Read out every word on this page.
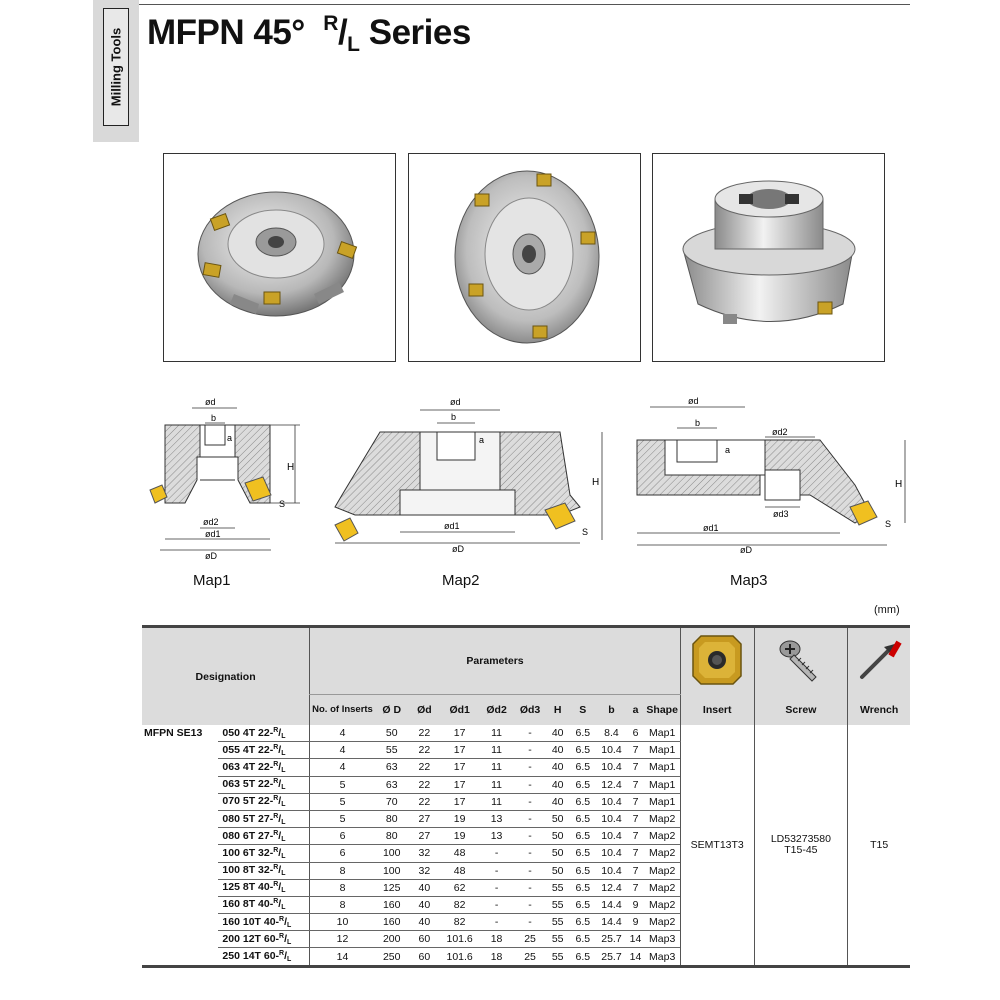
Milling Tools MFPN 45° $^R/_L$ Series
ød
b
a
H
S
ød2
ød1
øD
ød
b
a
H
S
ød1
øD
ød
b
a
ød2
ød3
H
S
ød1
øD
Map1	Map2	Map3
(mm)
Designation		Parameters			
		No. of Inserts	Ø D	Ød	Ød1	Ød2	Ød3	H	S	b	a	Shape	Insert	Screw	Wrench
MFPN SE13	050 4T 22-$^R$/L	4	50	22	17	11	-	40	6.5	8.4	6	Map1	SEMT13T3	LD53273580
T15-45	T15
	055 4T 22-$^R$/L	4	55	22	17	11	-	40	6.5	10.4	7	Map1			
	063 4T 22-$^R$/L	4	63	22	17	11	-	40	6.5	10.4	7	Map1			
	063 5T 22-$^R$/L	5	63	22	17	11	-	40	6.5	12.4	7	Map1			
	070 5T 22-$^R$/L	5	70	22	17	11	-	40	6.5	10.4	7	Map1			
	080 5T 27-$^R$/L	5	80	27	19	13	-	50	6.5	10.4	7	Map2			
	080 6T 27-$^R$/L	6	80	27	19	13	-	50	6.5	10.4	7	Map2			
	100 6T 32-$^R$/L	6	100	32	48	-	-	50	6.5	10.4	7	Map2			
	100 8T 32-$^R$/L	8	100	32	48	-	-	50	6.5	10.4	7	Map2			
	125 8T 40-$^R$/L	8	125	40	62	-	-	55	6.5	12.4	7	Map2			
	160 8T 40-$^R$/L	8	160	40	82	-	-	55	6.5	14.4	9	Map2			
	160 10T 40-$^R$/L	10	160	40	82	-	-	55	6.5	14.4	9	Map2			
	200 12T 60-$^R$/L	12	200	60	101.6	18	25	55	6.5	25.7	14	Map3			
	250 14T 60-$^R$/L	14	250	60	101.6	18	25	55	6.5	25.7	14	Map3			
